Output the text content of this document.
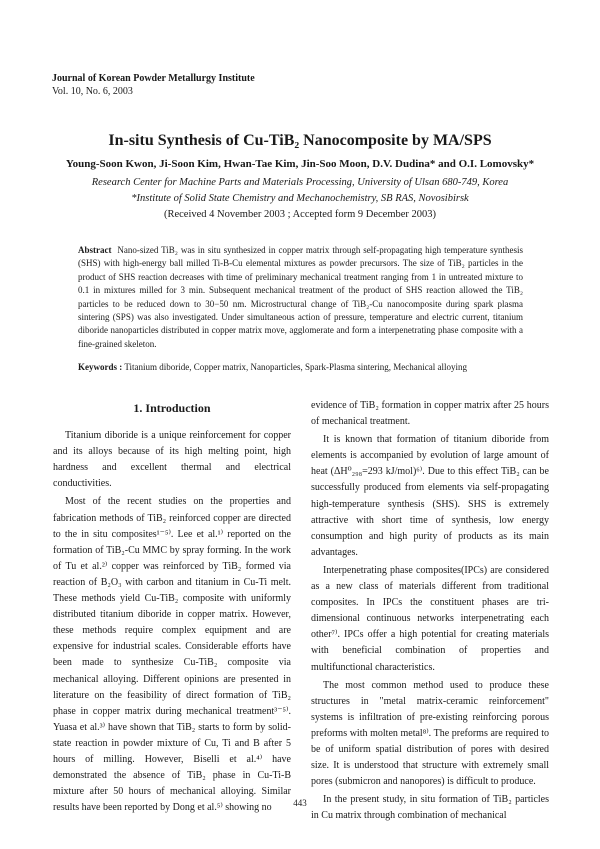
Journal of Korean Powder Metallurgy Institute
Vol. 10, No. 6, 2003
In-situ Synthesis of Cu-TiB₂ Nanocomposite by MA/SPS
Young-Soon Kwon, Ji-Soon Kim, Hwan-Tae Kim, Jin-Soo Moon, D.V. Dudina* and O.I. Lomovsky*
Research Center for Machine Parts and Materials Processing, University of Ulsan 680-749, Korea
*Institute of Solid State Chemistry and Mechanochemistry, SB RAS, Novosibirsk
(Received 4 November 2003 ; Accepted form 9 December 2003)
Abstract Nano-sized TiB₂ was in situ synthesized in copper matrix through self-propagating high temperature synthesis (SHS) with high-energy ball milled Ti-B-Cu elemental mixtures as powder precursors. The size of TiB₂ particles in the product of SHS reaction decreases with time of preliminary mechanical treatment ranging from 1 in untreated mixture to 0.1 in mixtures milled for 3 min. Subsequent mechanical treatment of the product of SHS reaction allowed the TiB₂ particles to be reduced down to 30−50 nm. Microstructural change of TiB₂-Cu nanocomposite during spark plasma sintering (SPS) was also investigated. Under simultaneous action of pressure, temperature and electric current, titanium diboride nanoparticles distributed in copper matrix move, agglomerate and form a interpenetrating phase composite with a fine-grained skeleton.
Keywords : Titanium diboride, Copper matrix, Nanoparticles, Spark-Plasma sintering, Mechanical alloying
1. Introduction

Titanium diboride is a unique reinforcement for copper and its alloys because of its high melting point, high hardness and excellent thermal and electrical conductivities.

Most of the recent studies on the properties and fabrication methods of TiB₂ reinforced copper are directed to the in situ composites¹⁻⁵⁾. Lee et al.¹⁾ reported on the formation of TiB₂-Cu MMC by spray forming. In the work of Tu et al.²⁾ copper was reinforced by TiB₂ formed via reaction of B₂O₃ with carbon and titanium in Cu-Ti melt. These methods yield Cu-TiB₂ composite with uniformly distributed titanium diboride in copper matrix. However, these methods require complex equipment and are expensive for industrial scales. Considerable efforts have been made to synthesize Cu-TiB₂ composite via mechanical alloying. Different opinions are presented in literature on the feasibility of direct formation of TiB₂ phase in copper matrix during mechanical treatment³⁻⁵⁾. Yuasa et al.³⁾ have shown that TiB₂ starts to form by solid-state reaction in powder mixture of Cu, Ti and B after 5 hours of milling. However, Biselli et al.⁴⁾ have demonstrated the absence of TiB₂ phase in Cu-Ti-B mixture after 50 hours of mechanical alloying. Similar results have been reported by Dong et al.⁵⁾ showing no

evidence of TiB₂ formation in copper matrix after 25 hours of mechanical treatment.

It is known that formation of titanium diboride from elements is accompanied by evolution of large amount of heat (ΔH⁰₂₉₈=293 kJ/mol)⁶⁾. Due to this effect TiB₂ can be successfully produced from elements via self-propagating high-temperature synthesis (SHS). SHS is extremely attractive with short time of synthesis, low energy consumption and high purity of products as its main advantages.

Interpenetrating phase composites(IPCs) are considered as a new class of materials different from traditional composites. In IPCs the constituent phases are tri-dimensional continuous networks interpenetrating each other⁷⁾. IPCs offer a high potential for creating materials with beneficial combination of properties and multifunctional characteristics.

The most common method used to produce these structures in "metal matrix-ceramic reinforcement" systems is infiltration of pre-existing reinforcing porous preforms with molten metal⁸⁾. The preforms are required to be of uniform spatial distribution of pores with desired size. It is understood that structure with extremely small pores (submicron and nanopores) is difficult to produce.

In the present study, in situ formation of TiB₂ particles in Cu matrix through combination of mechanical

443
